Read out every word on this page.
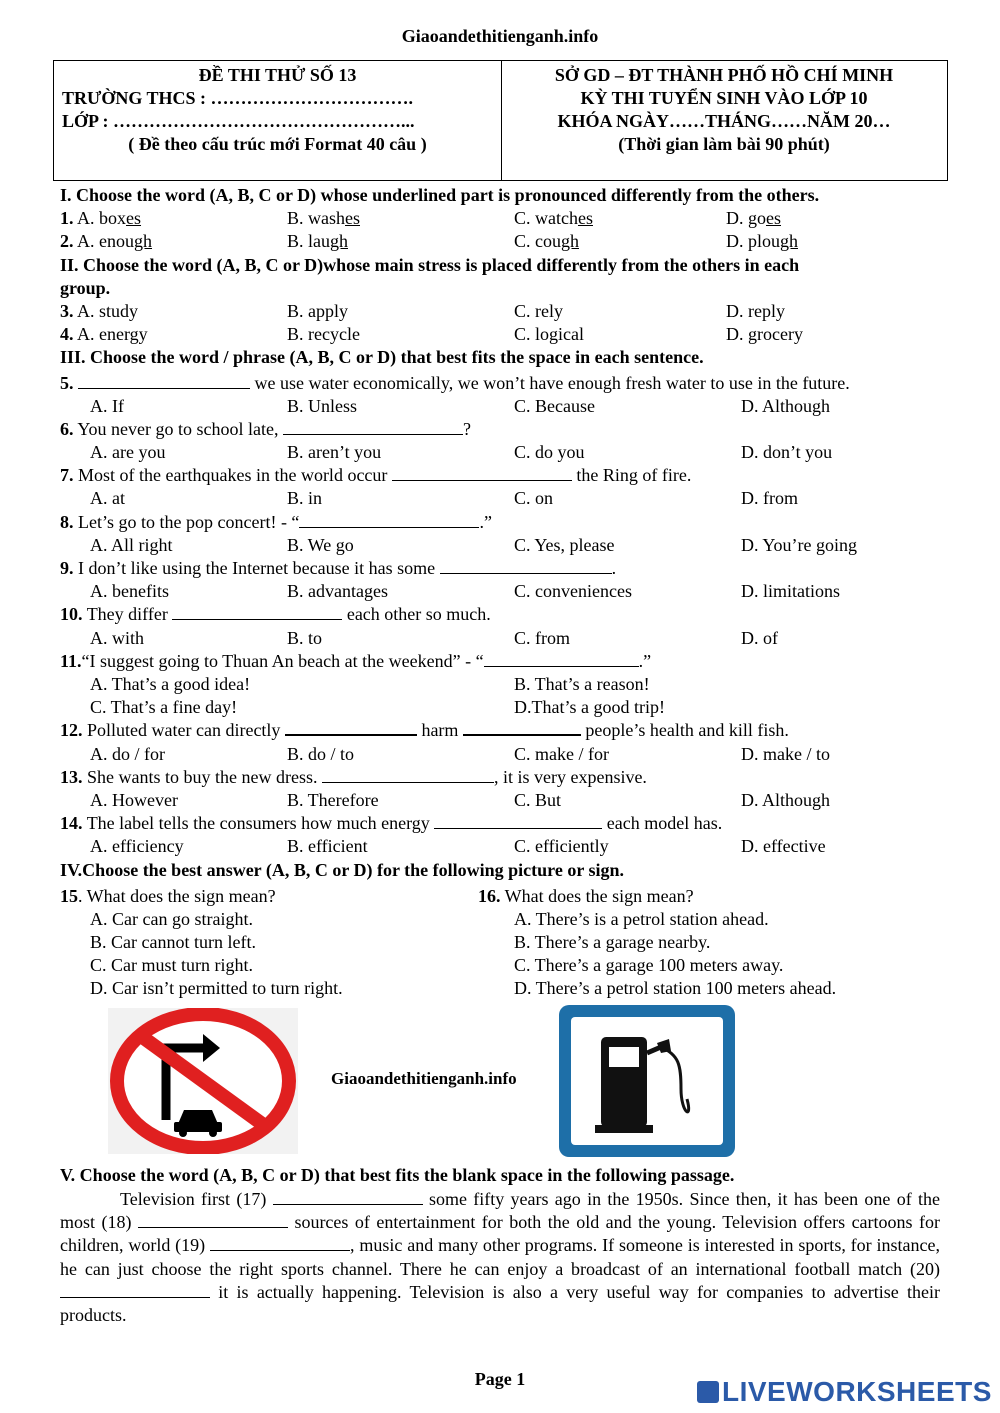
Giaoandethitienganh.info
ĐỀ THI THỬ SỐ 13
TRƯỜNG THCS : …………………………….
LỚP : …………………………………………...
( Đề theo cấu trúc mới Format 40 câu )
SỞ GD – ĐT THÀNH PHỐ HỒ CHÍ MINH
KỲ THI TUYỂN SINH VÀO LỚP 10
KHÓA NGÀY……THÁNG……NĂM 20…
(Thời gian làm bài 90 phút)
I. Choose the word (A, B, C or D) whose underlined part is pronounced differently from the others.
1. A. boxes	B. washes	C. watches	D. goes
2. A. enough	B. laugh	C. cough	D. plough
II. Choose the word (A, B, C or D)whose main stress is placed differently from the others in each
group.
3. A. study	B. apply	C. rely	D. reply
4. A. energy	B. recycle	C. logical	D. grocery
III. Choose the word / phrase (A, B, C or D) that best fits the space in each sentence.
5.	we use water economically, we won’t have enough fresh water to use in the future.
A. If	B. Unless	C. Because	D. Although
6. You never go to school late,	?
A. are you	B. aren’t you	C. do you	D. don’t you
7. Most of the earthquakes in the world occur	the Ring of fire.
A. at	B. in	C. on	D. from
8. Let’s go to the pop concert! - “	.”
A. All right	B. We go	C. Yes, please	D. You’re going
9. I don’t like using the Internet because it has some	.
A. benefits	B. advantages	C. conveniences	D. limitations
10. They differ	each other so much.
A. with	B. to	C. from	D. of
11.“I suggest going to Thuan An beach at the weekend” - “	.”
A. That’s a good idea!	B. That’s a reason!
C. That’s a fine day!	D.That’s a good trip!
12. Polluted water can directly	harm	people’s health and kill fish.
A. do / for	B. do / to	C. make / for	D. make / to
13. She wants to buy the new dress.	, it is very expensive.
A. However	B. Therefore	C. But	D. Although
14. The label tells the consumers how much energy	each model has.
A. efficiency	B. efficient	C. efficiently	D. effective
IV.Choose the best answer (A, B, C or D) for the following picture or sign.
15. What does the sign mean?
A. Car can go straight.
B. Car cannot turn left.
C. Car must turn right.
D. Car isn’t permitted to turn right.
16. What does the sign mean?
A. There’s is a petrol station ahead.
B. There’s a garage nearby.
C. There’s a garage 100 meters away.
D. There’s a petrol station 100 meters ahead.
Giaoandethitienganh.info
V. Choose the word (A, B, C or D) that best fits the blank space in the following passage.

Television first (17)	some fifty years ago in the 1950s. Since then, it has been one of the most (18)	sources of entertainment for both the old and the young. Television offers cartoons for children, world (19)	, music and many other programs. If someone is interested in sports, for instance, he can just choose the right sports channel. There he can enjoy a broadcast of an international football match (20)  it is actually happening. Television is also a very useful way for companies to advertise their products.

Page 1	LIVEWORKSHEETS
